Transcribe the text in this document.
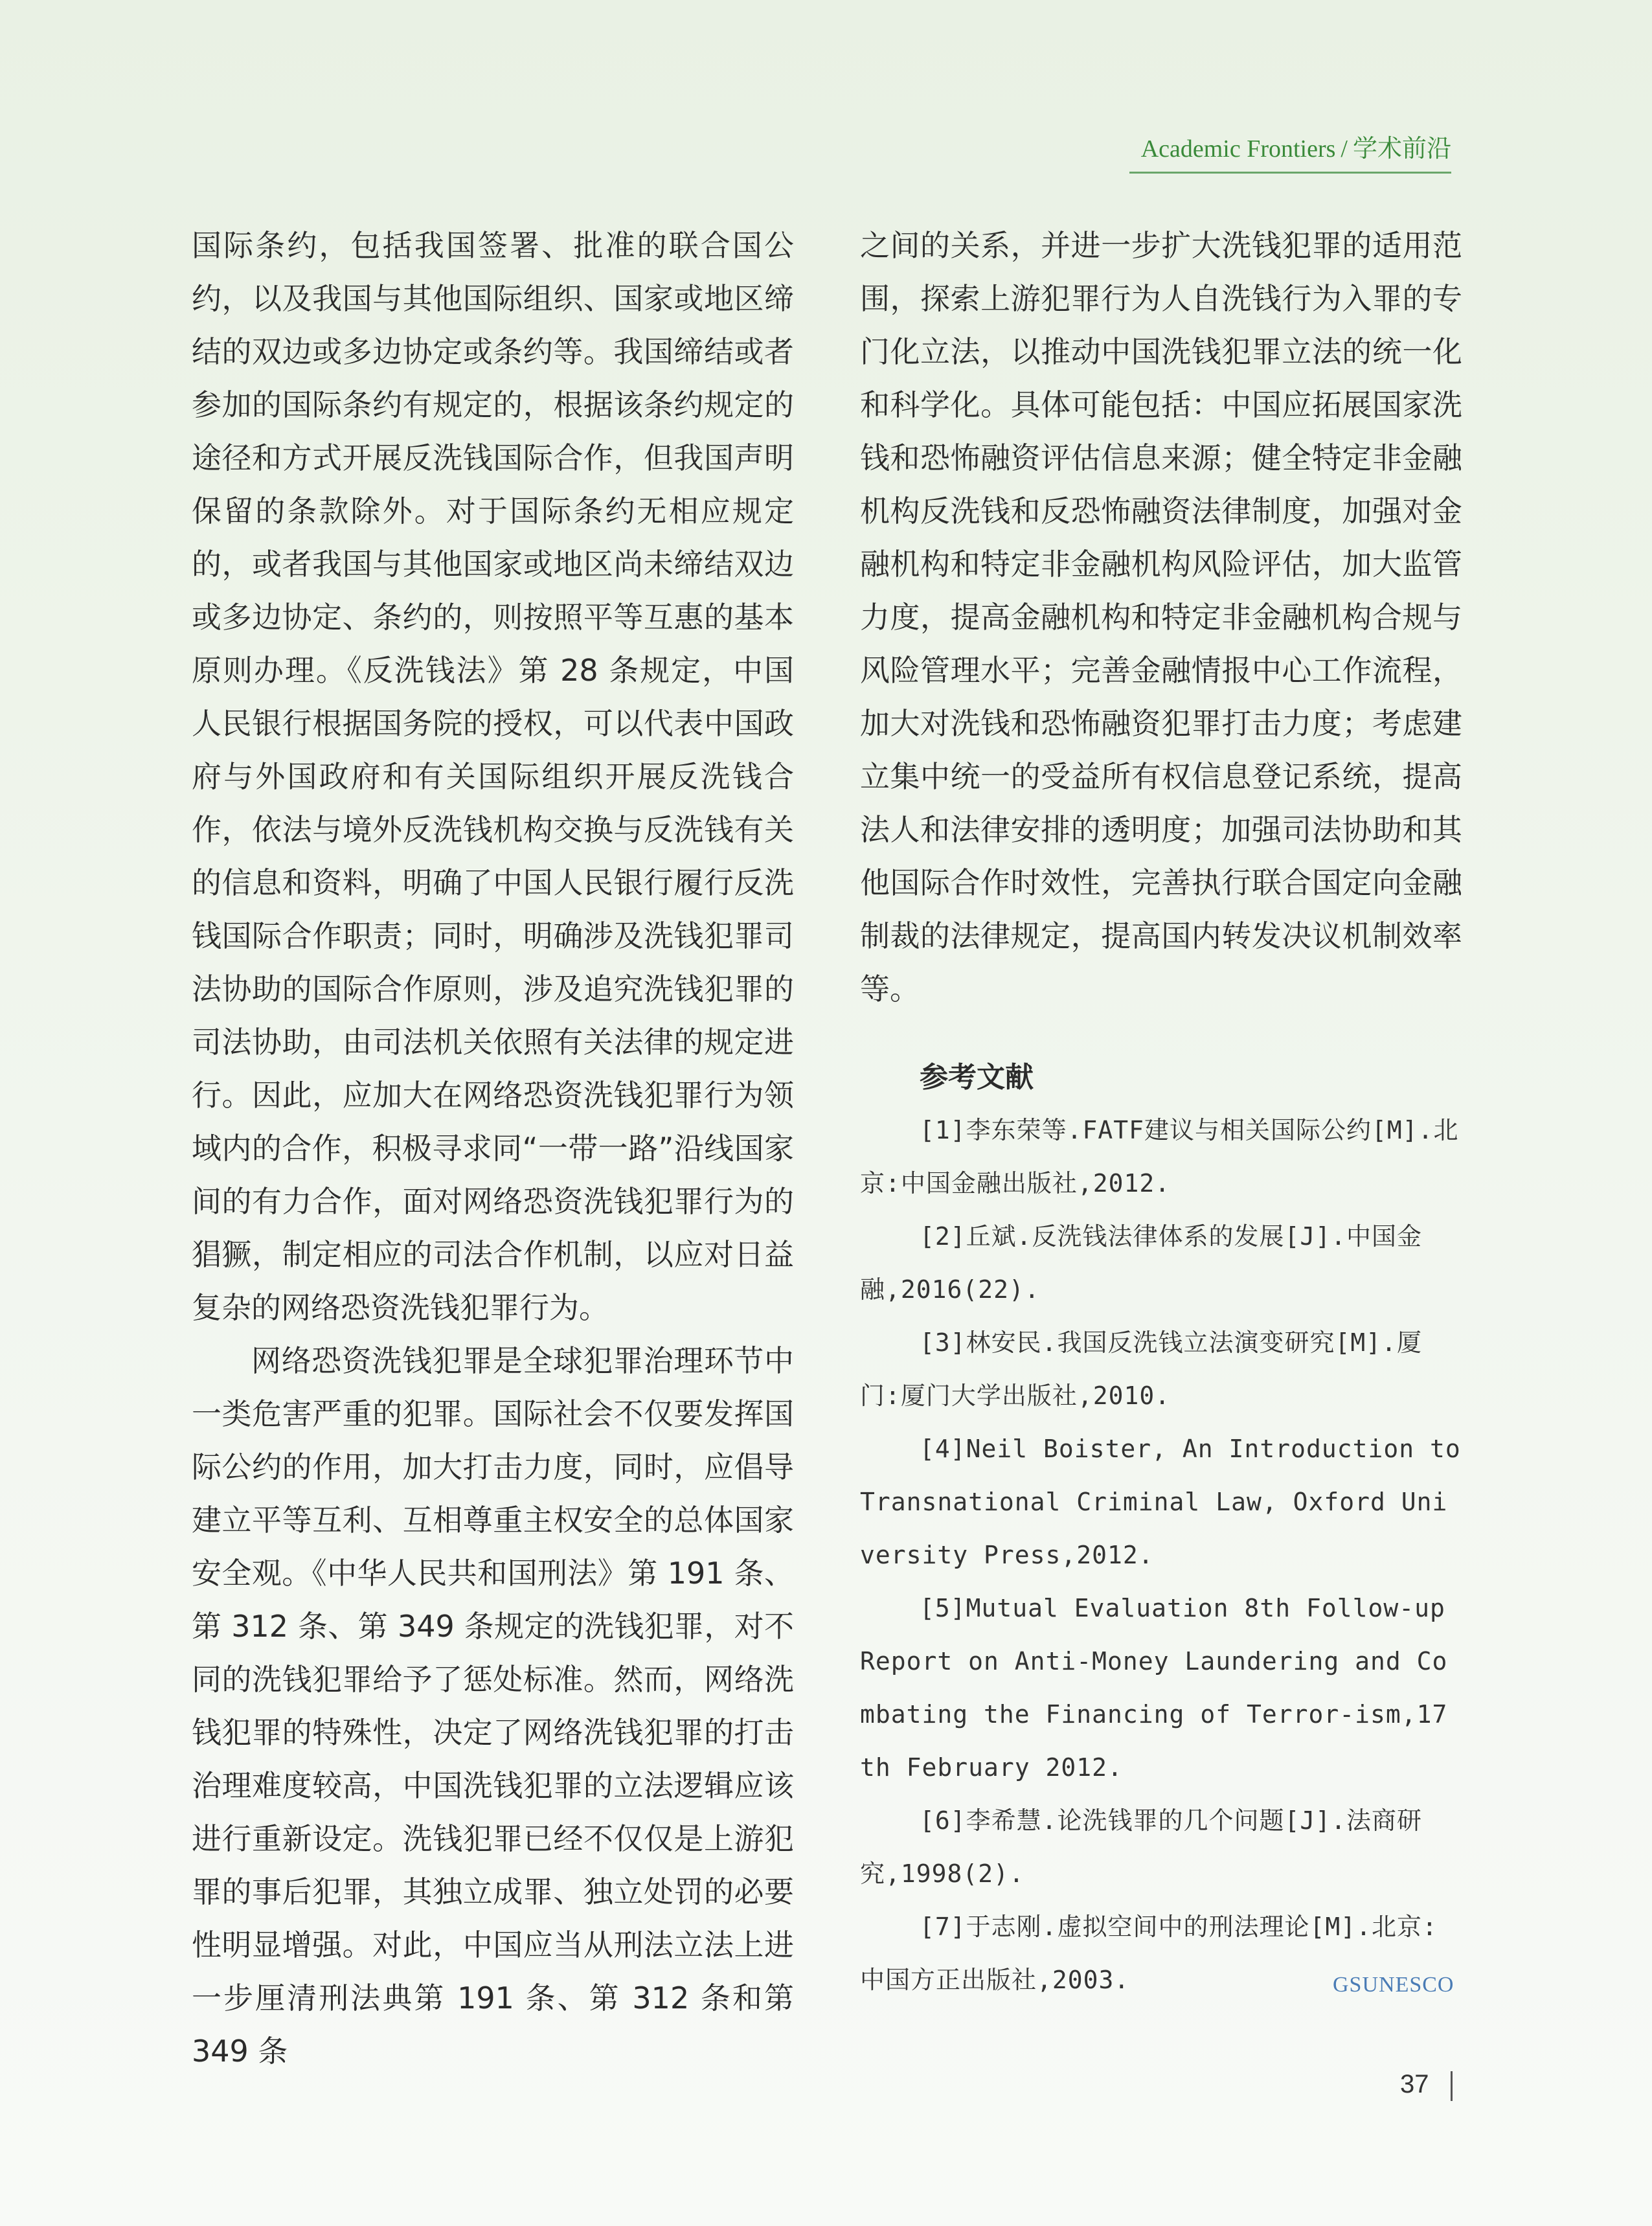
Academic Frontiers / 学术前沿

国际条约，包括我国签署、批准的联合国公约，以及我国与其他国际组织、国家或地区缔结的双边或多边协定或条约等。我国缔结或者参加的国际条约有规定的，根据该条约规定的途径和方式开展反洗钱国际合作，但我国声明保留的条款除外。对于国际条约无相应规定的，或者我国与其他国家或地区尚未缔结双边或多边协定、条约的，则按照平等互惠的基本原则办理。《反洗钱法》第 28 条规定，中国人民银行根据国务院的授权，可以代表中国政府与外国政府和有关国际组织开展反洗钱合作，依法与境外反洗钱机构交换与反洗钱有关的信息和资料，明确了中国人民银行履行反洗钱国际合作职责；同时，明确涉及洗钱犯罪司法协助的国际合作原则，涉及追究洗钱犯罪的司法协助，由司法机关依照有关法律的规定进行。因此，应加大在网络恐资洗钱犯罪行为领域内的合作，积极寻求同“一带一路”沿线国家间的有力合作，面对网络恐资洗钱犯罪行为的猖獗，制定相应的司法合作机制，以应对日益复杂的网络恐资洗钱犯罪行为。

网络恐资洗钱犯罪是全球犯罪治理环节中一类危害严重的犯罪。国际社会不仅要发挥国际公约的作用，加大打击力度，同时，应倡导建立平等互利、互相尊重主权安全的总体国家安全观。《中华人民共和国刑法》第 191 条、第 312 条、第 349 条规定的洗钱犯罪，对不同的洗钱犯罪给予了惩处标准。然而，网络洗钱犯罪的特殊性，决定了网络洗钱犯罪的打击治理难度较高，中国洗钱犯罪的立法逻辑应该进行重新设定。洗钱犯罪已经不仅仅是上游犯罪的事后犯罪，其独立成罪、独立处罚的必要性明显增强。对此，中国应当从刑法立法上进一步厘清刑法典第 191 条、第 312 条和第 349 条

之间的关系，并进一步扩大洗钱犯罪的适用范围，探索上游犯罪行为人自洗钱行为入罪的专门化立法，以推动中国洗钱犯罪立法的统一化和科学化。具体可能包括：中国应拓展国家洗钱和恐怖融资评估信息来源；健全特定非金融机构反洗钱和反恐怖融资法律制度，加强对金融机构和特定非金融机构风险评估，加大监管力度，提高金融机构和特定非金融机构合规与风险管理水平；完善金融情报中心工作流程，加大对洗钱和恐怖融资犯罪打击力度；考虑建立集中统一的受益所有权信息登记系统，提高法人和法律安排的透明度；加强司法协助和其他国际合作时效性，完善执行联合国定向金融制裁的法律规定，提高国内转发决议机制效率等。

参考文献

[1]李东荣等.FATF建议与相关国际公约[M].北京:中国金融出版社,2012.

[2]丘斌.反洗钱法律体系的发展[J].中国金融,2016(22).

[3]林安民.我国反洗钱立法演变研究[M].厦门:厦门大学出版社,2010.

[4]Neil Boister, An Introduction to Transnational Criminal Law, Oxford University Press,2012.

[5]Mutual Evaluation 8th Follow-up Report on Anti-Money Laundering and Combating the Financing of Terror-ism,17th February 2012.

[6]李希慧.论洗钱罪的几个问题[J].法商研究,1998(2).

[7]于志刚.虚拟空间中的刑法理论[M].北京:中国方正出版社,2003.	GSUNESCO
37
